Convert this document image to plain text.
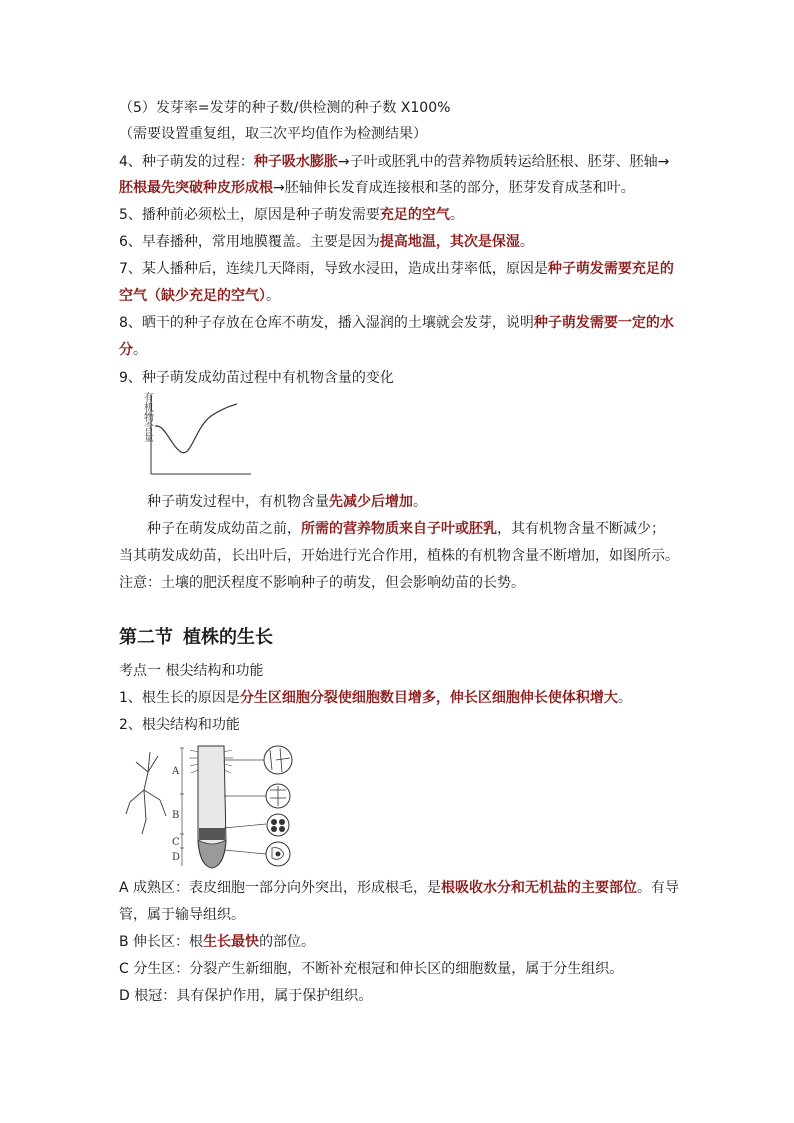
（5）发芽率=发芽的种子数/供检测的种子数 X100%
（需要设置重复组，取三次平均值作为检测结果）
4、种子萌发的过程：种子吸水膨胀→子叶或胚乳中的营养物质转运给胚根、胚芽、胚轴→
胚根最先突破种皮形成根→胚轴伸长发育成连接根和茎的部分，胚芽发育成茎和叶。
5、播种前必须松土，原因是种子萌发需要充足的空气。
6、早春播种，常用地膜覆盖。主要是因为提高地温，其次是保湿。
7、某人播种后，连续几天降雨，导致水浸田，造成出芽率低，原因是种子萌发需要充足的
空气（缺少充足的空气）。
8、晒干的种子存放在仓库不萌发，播入湿润的土壤就会发芽，说明种子萌发需要一定的水
分。
9、种子萌发成幼苗过程中有机物含量的变化
有机物含量
种子萌发过程中，有机物含量先减少后增加。
种子在萌发成幼苗之前，所需的营养物质来自子叶或胚乳，其有机物含量不断减少；
当其萌发成幼苗，长出叶后，开始进行光合作用，植株的有机物含量不断增加，如图所示。
注意：土壤的肥沃程度不影响种子的萌发，但会影响幼苗的长势。
第二节 植株的生长
考点一 根尖结构和功能
1、根生长的原因是分生区细胞分裂使细胞数目增多，伸长区细胞伸长使体积增大。
2、根尖结构和功能
A
B
C
D
A 成熟区：表皮细胞一部分向外突出，形成根毛，是根吸收水分和无机盐的主要部位。有导
管，属于输导组织。
B 伸长区：根生长最快的部位。
C 分生区：分裂产生新细胞，不断补充根冠和伸长区的细胞数量，属于分生组织。
D 根冠：具有保护作用，属于保护组织。
